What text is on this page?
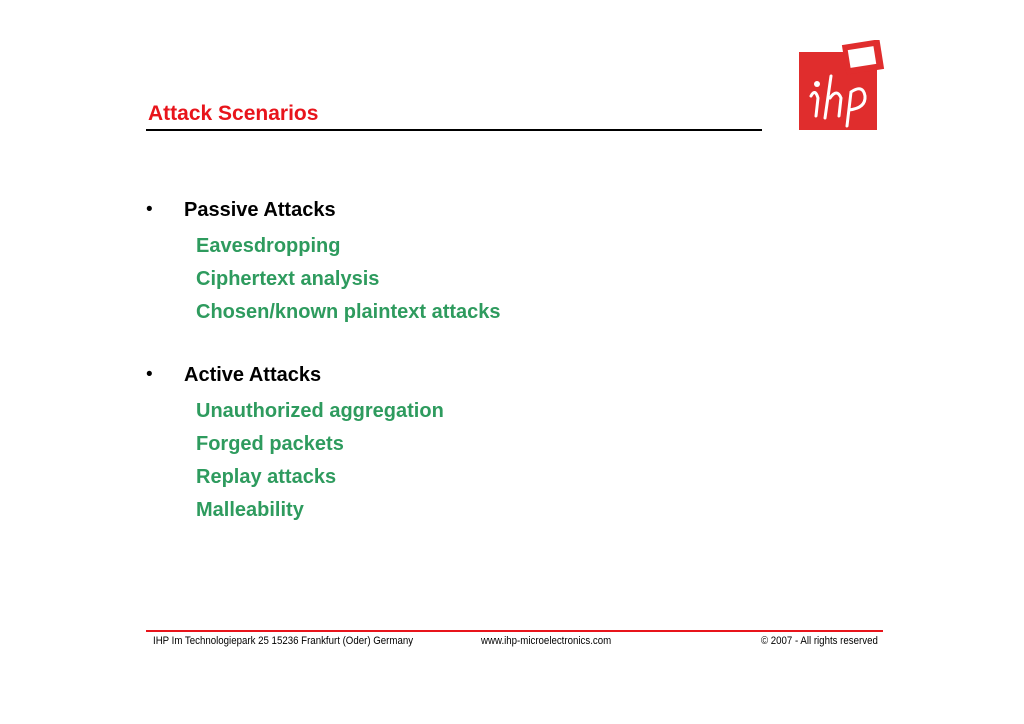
Attack Scenarios
• Passive Attacks
Eavesdropping
Ciphertext analysis
Chosen/known plaintext attacks
• Active Attacks
Unauthorized aggregation
Forged packets
Replay attacks
Malleability
IHP Im Technologiepark 25 15236 Frankfurt (Oder) Germany	www.ihp-microelectronics.com	© 2007 - All rights reserved
